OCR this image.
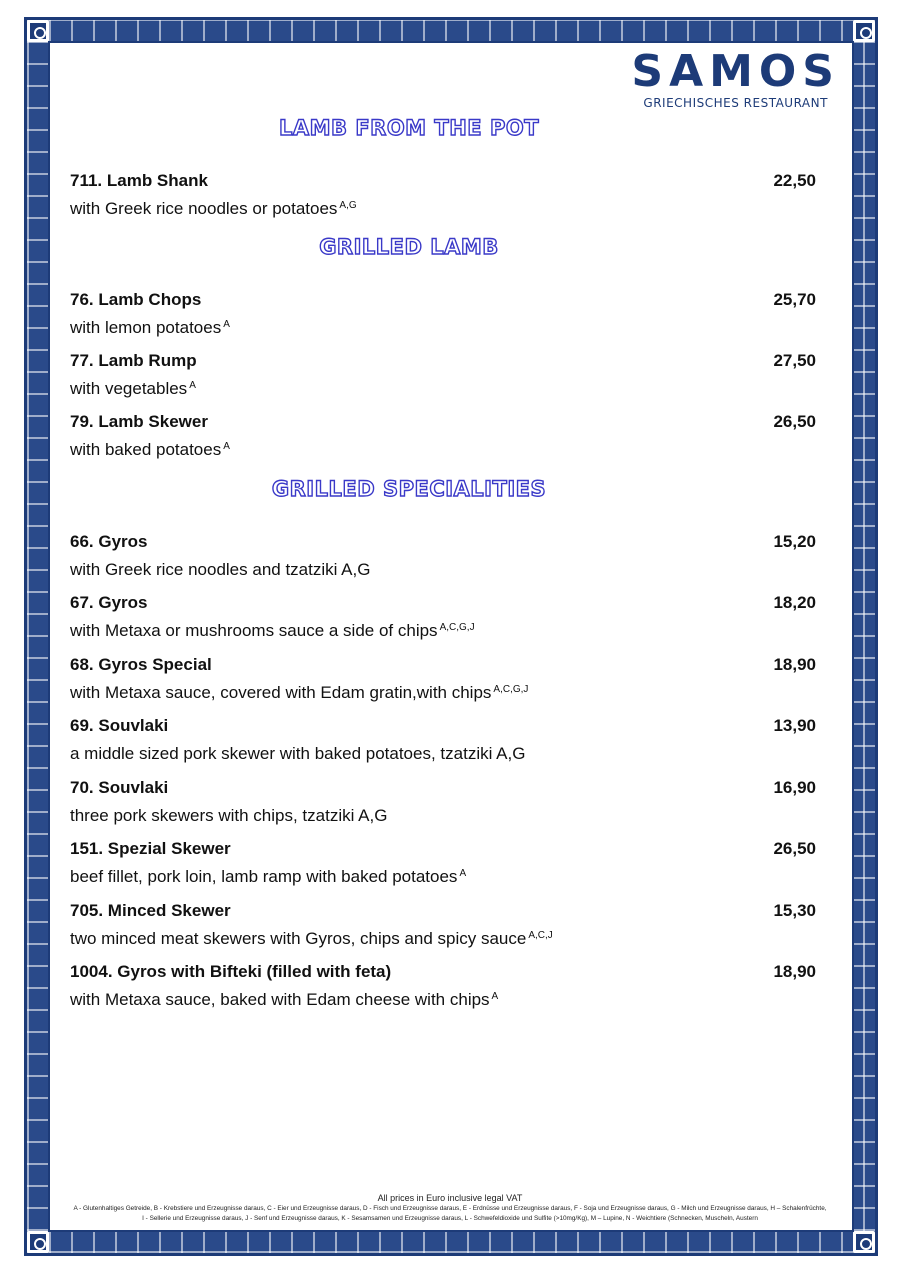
SAMOS
GRIECHISCHES RESTAURANT
LAMB FROM THE POT
711. Lamb Shank	22,50
with Greek rice noodles or potatoes $^{A,G}$
GRILLED LAMB
76. Lamb Chops	25,70
with lemon potatoes $^A$
77. Lamb Rump	27,50
with vegetables $^A$
79. Lamb Skewer	26,50
with baked potatoes $^A$
GRILLED SPECIALITIES
66. Gyros	15,20
with Greek rice noodles and tzatziki A,G
67. Gyros	18,20
with Metaxa or mushrooms sauce a side of chips $^{A,C,G,J}$
68. Gyros Special	18,90
with Metaxa sauce, covered with Edam gratin,with chips $^{A,C,G,J}$
69. Souvlaki	13,90
a middle sized pork skewer with baked potatoes, tzatziki A,G
70. Souvlaki	16,90
three pork skewers with chips, tzatziki A,G
151. Spezial Skewer	26,50
beef fillet, pork loin, lamb ramp with baked potatoes $^A$
705. Minced Skewer	15,30
two minced meat skewers with Gyros, chips and spicy sauce $^{A,C,J}$
1004. Gyros with Bifteki (filled with feta)	18,90
with Metaxa sauce, baked with Edam cheese with chips $^A$
All prices in Euro inclusive legal VAT
A - Glutenhaltiges Getreide, B - Krebstiere und Erzeugnisse daraus, C - Eier und Erzeugnisse daraus, D - Fisch und Erzeugnisse daraus, E - Erdnüsse und Erzeugnisse daraus, F - Soja und Erzeugnisse daraus, G - Milch und Erzeugnisse daraus, H – Schalenfrüchte, I - Sellerie und Erzeugnisse daraus, J - Senf und Erzeugnisse daraus, K - Sesamsamen und Erzeugnisse daraus, L - Schwefeldioxide und Sulfite (>10mg/Kg), M – Lupine, N - Weichtiere (Schnecken, Muscheln, Austern
